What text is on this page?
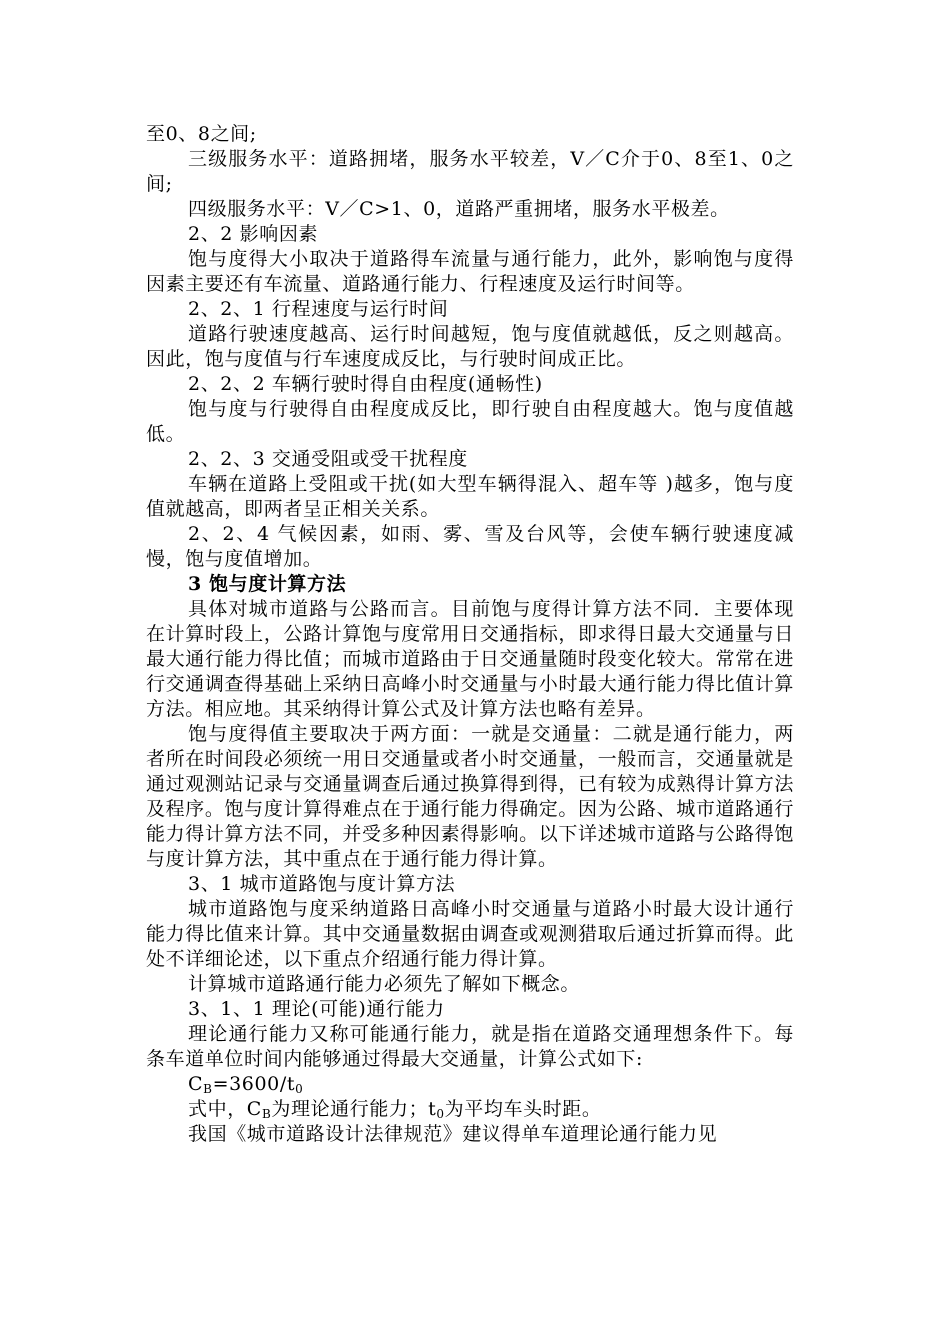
至0、8之间;

三级服务水平：道路拥堵，服务水平较差，V／C介于0、8至1、0之间;

四级服务水平：V／C>1、0，道路严重拥堵，服务水平极差。

2、2 影响因素

饱与度得大小取决于道路得车流量与通行能力，此外，影响饱与度得因素主要还有车流量、道路通行能力、行程速度及运行时间等。

2、2、1 行程速度与运行时间

道路行驶速度越高、运行时间越短，饱与度值就越低，反之则越高。因此，饱与度值与行车速度成反比，与行驶时间成正比。

2、2、2 车辆行驶时得自由程度(通畅性)

饱与度与行驶得自由程度成反比，即行驶自由程度越大。饱与度值越低。

2、2、3 交通受阻或受干扰程度

车辆在道路上受阻或干扰(如大型车辆得混入、超车等 )越多，饱与度值就越高，即两者呈正相关关系。

2、2、4 气候因素，如雨、雾、雪及台风等，会使车辆行驶速度减慢，饱与度值增加。

3 饱与度计算方法

具体对城市道路与公路而言。目前饱与度得计算方法不同．主要体现在计算时段上，公路计算饱与度常用日交通指标，即求得日最大交通量与日最大通行能力得比值；而城市道路由于日交通量随时段变化较大。常常在进行交通调查得基础上采纳日高峰小时交通量与小时最大通行能力得比值计算方法。相应地。其采纳得计算公式及计算方法也略有差异。

饱与度得值主要取决于两方面：一就是交通量：二就是通行能力，两者所在时间段必须统一用日交通量或者小时交通量，一般而言，交通量就是通过观测站记录与交通量调查后通过换算得到得，已有较为成熟得计算方法及程序。饱与度计算得难点在于通行能力得确定。因为公路、城市道路通行能力得计算方法不同，并受多种因素得影响。以下详述城市道路与公路得饱与度计算方法，其中重点在于通行能力得计算。

3、1 城市道路饱与度计算方法

城市道路饱与度采纳道路日高峰小时交通量与道路小时最大设计通行能力得比值来计算。其中交通量数据由调查或观测猎取后通过折算而得。此处不详细论述，以下重点介绍通行能力得计算。

计算城市道路通行能力必须先了解如下概念。

3、1、1 理论(可能)通行能力

理论通行能力又称可能通行能力，就是指在道路交通理想条件下。每条车道单位时间内能够通过得最大交通量，计算公式如下:

$C_B=3600/t_0$

式中，$C_B$为理论通行能力；$t_0$为平均车头时距。

我国《城市道路设计法律规范》建议得单车道理论通行能力见
